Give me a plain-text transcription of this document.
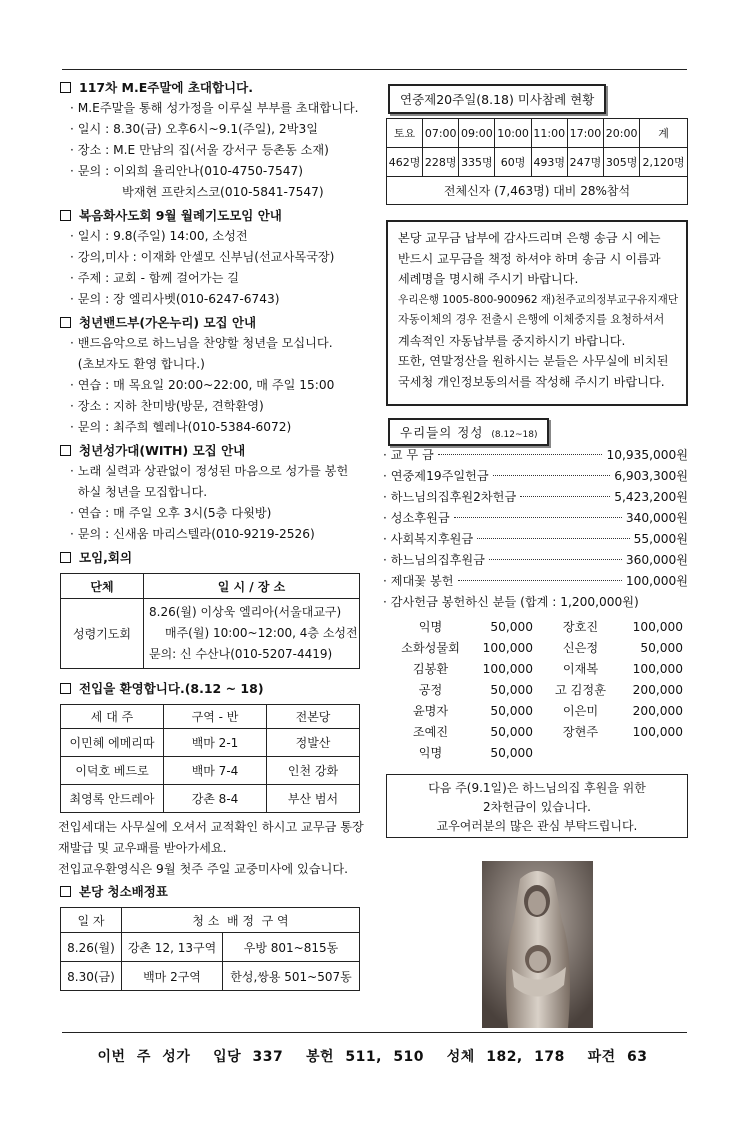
117차 M.E주말에 초대합니다.

· M.E주말을 통해 성가정을 이루실 부부를 초대합니다.
· 일시 : 8.30(금) 오후6시~9.1(주일), 2박3일
· 장소 : M.E 만남의 집(서울 강서구 등촌동 소재)
· 문의 : 이외희 율리안나(010-4750-7547)
박재현 프란치스코(010-5841-7547)

복음화사도회 9월 월례기도모임 안내

· 일시 : 9.8(주일) 14:00, 소성전
· 강의,미사 : 이재화 안셀모 신부님(선교사목국장)
· 주제 : 교회 - 함께 걸어가는 길
· 문의 : 장 엘리사벳(010-6247-6743)

청년밴드부(가온누리) 모집 안내

· 밴드음악으로 하느님을 찬양할 청년을 모십니다.
(초보자도 환영 합니다.)
· 연습 : 매 목요일 20:00~22:00, 매 주일 15:00
· 장소 : 지하 찬미방(방문, 견학환영)
· 문의 : 최주희 헬레나(010-5384-6072)

청년성가대(WITH) 모집 안내

· 노래 실력과 상관없이 정성된 마음으로 성가를 봉헌
하실 청년을 모집합니다.
· 연습 : 매 주일 오후 3시(5층 다윗방)
· 문의 : 신새움 마리스텔라(010-9219-2526)

모임,회의

단체	일 시 / 장 소
성령기도회	8.26(월) 이상욱 엘리아(서울대교구)
매주(월) 10:00~12:00, 4층 소성전
문의: 신 수산나(010-5207-4419)

전입을 환영합니다.(8.12 ~ 18)

세 대 주	구역 - 반	전본당
이민혜 에메리따	백마 2-1	정발산
이덕호 베드로	백마 7-4	인천 강화
최영록 안드레아	강촌 8-4	부산 범서
전입세대는 사무실에 오셔서 교적확인 하시고 교무금 통장
재발급 및 교우패를 받아가세요.
전입교우환영식은 9월 첫주 주일 교중미사에 있습니다.

본당 청소배정표

일 자	청 소  배 정  구 역	
8.26(월)	강촌 12, 13구역	우방 801~815동
8.30(금)	백마 2구역	한성,쌍용 501~507동
연중제20주일(8.18) 미사참례 현황
토요	07:00	09:00	10:00	11:00	17:00	20:00	계
462명	228명	335명	60명	493명	247명	305명	2,120명
전체신자 (7,463명) 대비 28%참석							
본당 교무금 납부에 감사드리며 은행 송금 시 에는
반드시 교무금을 책정 하셔야 하며 송금 시 이름과
세례명을 명시해 주시기 바랍니다.
우리은행 1005-800-900962 재)천주교의정부교구유지재단
자동이체의 경우 전출시 은행에 이체중지를 요청하셔서
계속적인 자동납부를 중지하시기 바랍니다.
또한, 연말정산을 원하시는 분들은 사무실에 비치된
국세청 개인정보동의서를 작성해 주시기 바랍니다.
우리들의 정성 (8.12~18)
· 교 무 금	10,935,000원
· 연중제19주일헌금	6,903,300원
· 하느님의집후원2차헌금	5,423,200원
· 성소후원금	340,000원
· 사회복지후원금	55,000원
· 하느님의집후원금	360,000원
· 제대꽃 봉헌	100,000원
· 감사헌금 봉헌하신 분들 (합계 : 1,200,000원)
익명	50,000	장호진	100,000
소화성물회	100,000	신은정	50,000
김봉환	100,000	이재복	100,000
공정	50,000	고 김정훈	200,000
윤명자	50,000	이은미	200,000
조예진	50,000	장현주	100,000
익명	50,000
다음 주(9.1일)은 하느님의집 후원을 위한
2차헌금이 있습니다.
교우여러분의 많은 관심 부탁드립니다.
이번 주 성가  입당 337  봉헌 511, 510  성체 182, 178  파견 63
